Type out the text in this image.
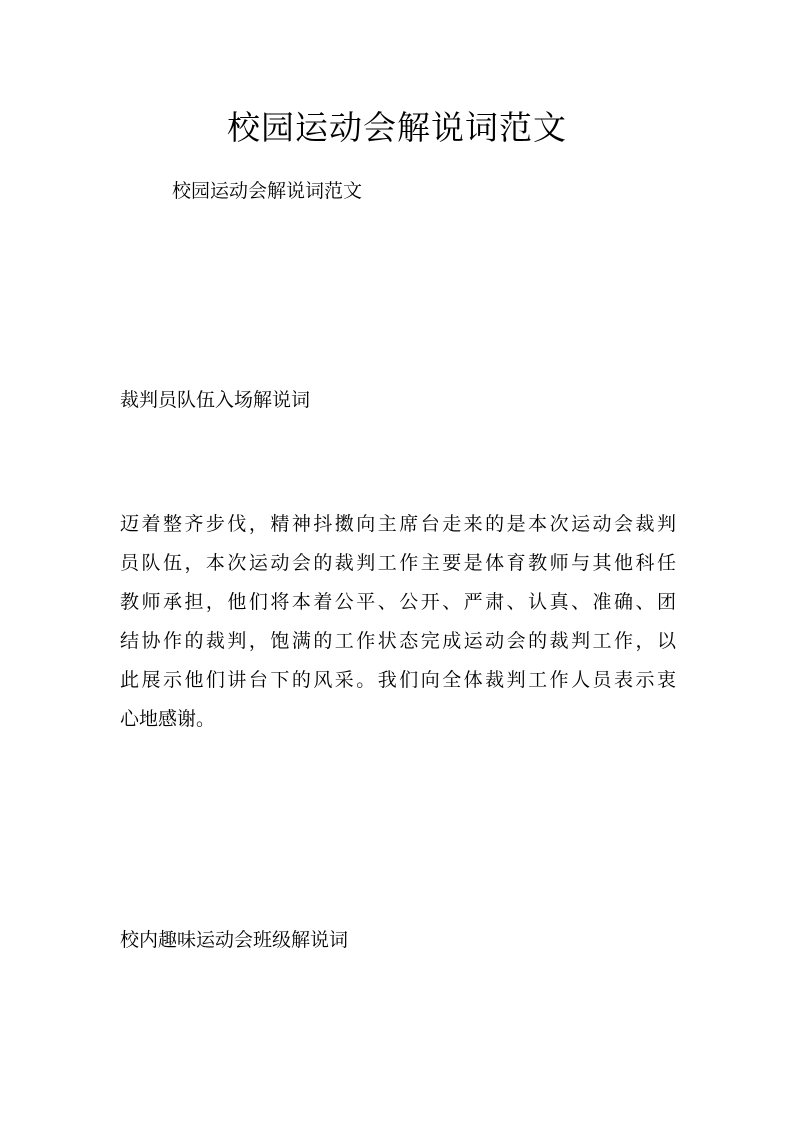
校园运动会解说词范文

校园运动会解说词范文

裁判员队伍入场解说词
迈着整齐步伐，精神抖擞向主席台走来的是本次运动会裁判
员队伍，本次运动会的裁判工作主要是体育教师与其他科任
教师承担，他们将本着公平、公开、严肃、认真、准确、团
结协作的裁判，饱满的工作状态完成运动会的裁判工作，以
此展示他们讲台下的风采。我们向全体裁判工作人员表示衷
心地感谢。
校内趣味运动会班级解说词
